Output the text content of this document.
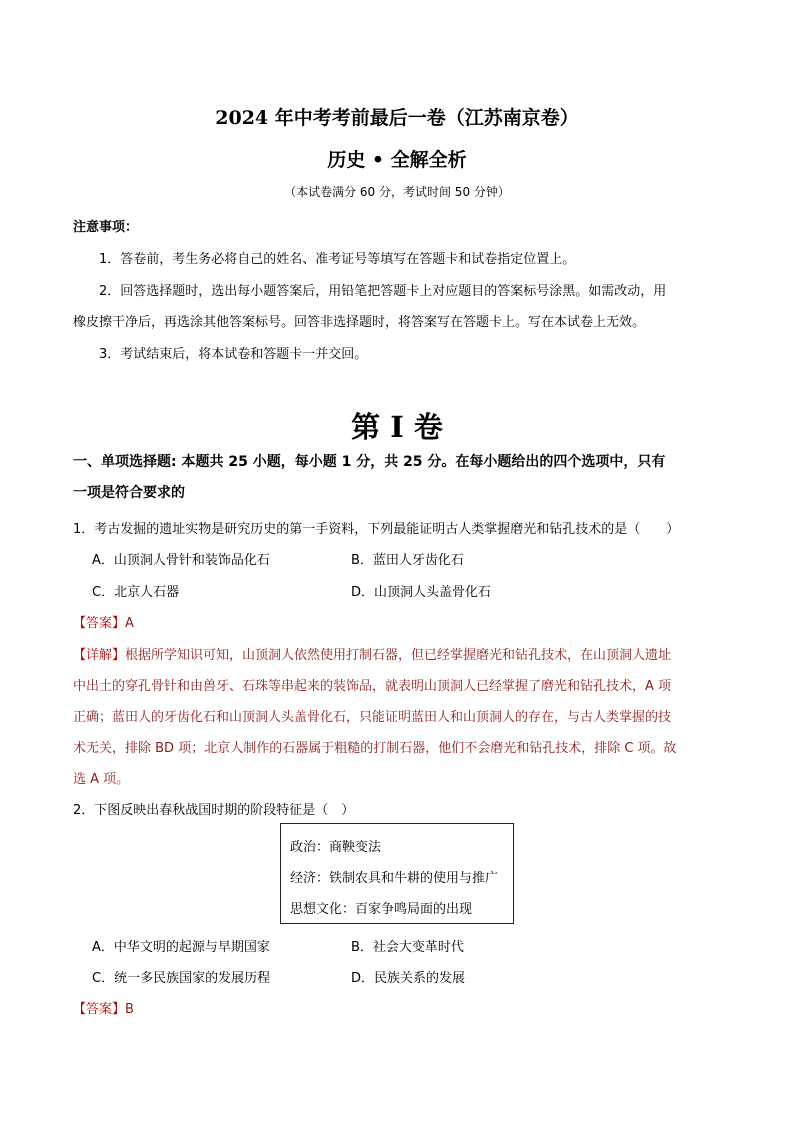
2024 年中考考前最后一卷（江苏南京卷）
历史 • 全解全析
（本试卷满分 60 分，考试时间 50 分钟）
注意事项：
1．答卷前，考生务必将自己的姓名、准考证号等填写在答题卡和试卷指定位置上。
2．回答选择题时，选出每小题答案后，用铅笔把答题卡上对应题目的答案标号涂黑。如需改动，用
橡皮擦干净后，再选涂其他答案标号。回答非选择题时，将答案写在答题卡上。写在本试卷上无效。
3．考试结束后，将本试卷和答题卡一并交回。
第 I 卷
一、单项选择题: 本题共 25 小题，每小题 1 分，共 25 分。在每小题给出的四个选项中，只有
一项是符合要求的
1．考古发掘的遗址实物是研究历史的第一手资料，下列最能证明古人类掌握磨光和钻孔技术的是（　　）
A．山顶洞人骨针和装饰品化石	B．蓝田人牙齿化石
C．北京人石器	D．山顶洞人头盖骨化石
【答案】A
【详解】根据所学知识可知，山顶洞人依然使用打制石器，但已经掌握磨光和钻孔技术，在山顶洞人遗址
中出土的穿孔骨针和由兽牙、石珠等串起来的装饰品，就表明山顶洞人已经掌握了磨光和钻孔技术，A 项
正确；蓝田人的牙齿化石和山顶洞人头盖骨化石，只能证明蓝田人和山顶洞人的存在，与古人类掌握的技
术无关，排除 BD 项；北京人制作的石器属于粗糙的打制石器，他们不会磨光和钻孔技术，排除 C 项。故
选 A 项。
2．下图反映出春秋战国时期的阶段特征是（　）
政治：商鞅变法
经济：铁制农具和牛耕的使用与推广
思想文化：百家争鸣局面的出现
A．中华文明的起源与早期国家	B．社会大变革时代
C．统一多民族国家的发展历程	D．民族关系的发展
【答案】B
